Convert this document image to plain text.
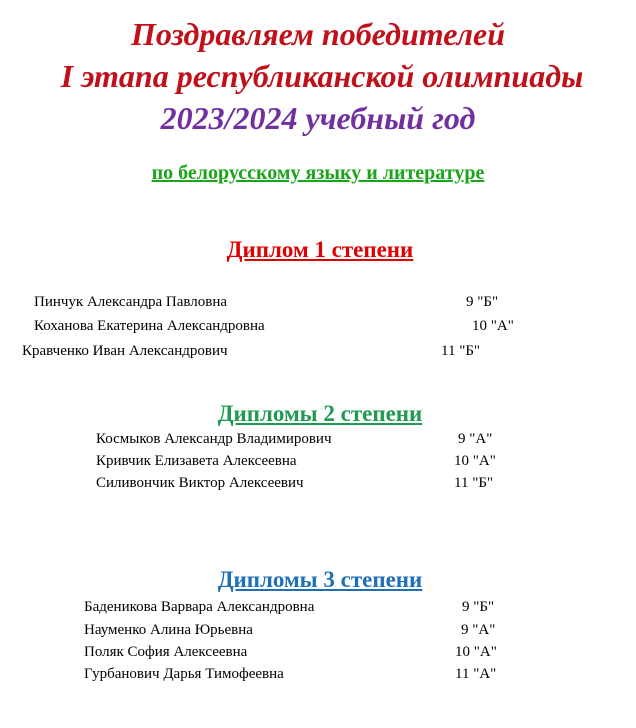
Поздравляем победителей
I этапа республиканской олимпиады
2023/2024 учебный год
по белорусскому языку и литературе
Диплом 1 степени
Пинчук Александра Павловна	9 "Б"
Коханова Екатерина Александровна	10 "А"
Кравченко Иван Александрович	11 "Б"
Дипломы 2 степени
Космыков Александр Владимирович	9 "А"
Кривчик Елизавета Алексеевна	10 "А"
Силивончик Виктор Алексеевич	11 "Б"
Дипломы 3 степени
Баденикова Варвара Александровна	9 "Б"
Науменко Алина Юрьевна	9 "А"
Поляк София Алексеевна	10 "А"
Гурбанович Дарья Тимофеевна	11 "А"
